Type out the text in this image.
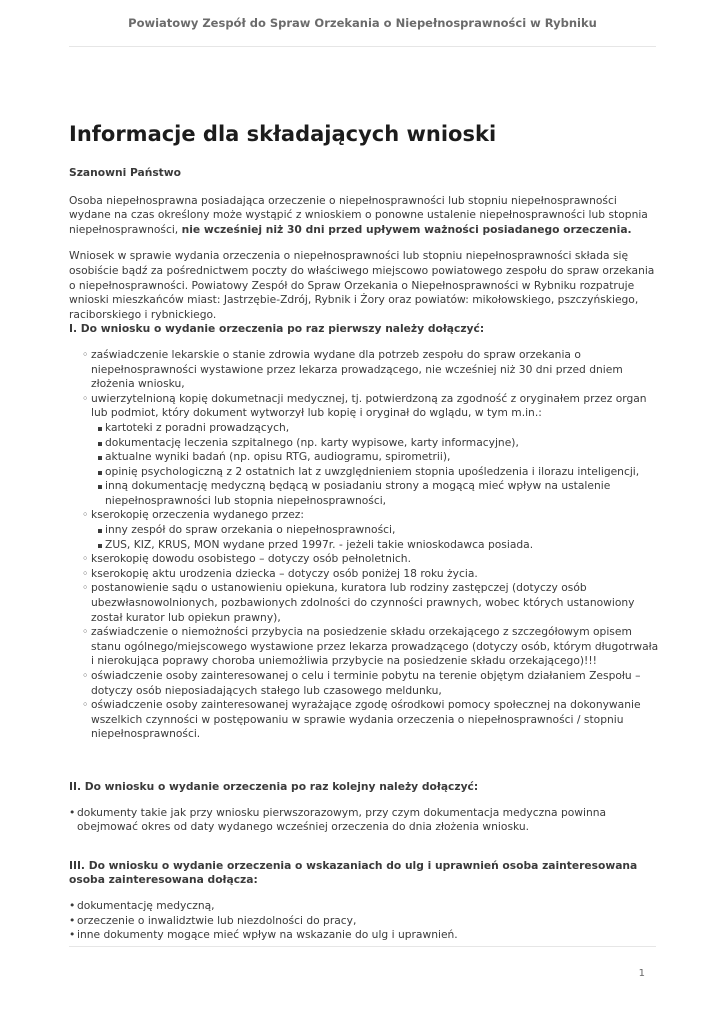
Powiatowy Zespół do Spraw Orzekania o Niepełnosprawności w Rybniku
Informacje dla składających wnioski

Szanowni Państwo

Osoba niepełnosprawna posiadająca orzeczenie o niepełnosprawności lub stopniu niepełnosprawności wydane na czas określony może wystąpić z wnioskiem o ponowne ustalenie niepełnosprawności lub stopnia niepełnosprawności, nie wcześniej niż 30 dni przed upływem ważności posiadanego orzeczenia.

Wniosek w sprawie wydania orzeczenia o niepełnosprawności lub stopniu niepełnosprawności składa się osobiście bądź za pośrednictwem poczty do właściwego miejscowo powiatowego zespołu do spraw orzekania o niepełnosprawności. Powiatowy Zespół do Spraw Orzekania o Niepełnosprawności w Rybniku rozpatruje wnioski mieszkańców miast: Jastrzębie-Zdrój, Rybnik i Żory oraz powiatów: mikołowskiego, pszczyńskiego, raciborskiego i rybnickiego.

I. Do wniosku o wydanie orzeczenia po raz pierwszy należy dołączyć:

◦ zaświadczenie lekarskie o stanie zdrowia wydane dla potrzeb zespołu do spraw orzekania o niepełnosprawności wystawione przez lekarza prowadzącego, nie wcześniej niż 30 dni przed dniem złożenia wniosku,
◦ uwierzytelnioną kopię dokumetnacji medycznej, tj. potwierdzoną za zgodność z oryginałem przez organ lub podmiot, który dokument wytworzył lub kopię i oryginał do wglądu, w tym m.in.:
kartoteki z poradni prowadzących,
dokumentację leczenia szpitalnego (np. karty wypisowe, karty informacyjne),
aktualne wyniki badań (np. opisu RTG, audiogramu, spirometrii),
opinię psychologiczną z 2 ostatnich lat z uwzględnieniem stopnia upośledzenia i ilorazu inteligencji,
inną dokumentację medyczną będącą w posiadaniu strony a mogącą mieć wpływ na ustalenie niepełnosprawności lub stopnia niepełnosprawności,
◦ kserokopię orzeczenia wydanego przez:
inny zespół do spraw orzekania o niepełnosprawności,
ZUS, KIZ, KRUS, MON wydane przed 1997r. - jeżeli takie wnioskodawca posiada.
◦ kserokopię dowodu osobistego – dotyczy osób pełnoletnich.
◦ kserokopię aktu urodzenia dziecka – dotyczy osób poniżej 18 roku życia.
◦ postanowienie sądu o ustanowieniu opiekuna, kuratora lub rodziny zastępczej (dotyczy osób ubezwłasnowolnionych, pozbawionych zdolności do czynności prawnych, wobec których ustanowiony został kurator lub opiekun prawny),
◦ zaświadczenie o niemożności przybycia na posiedzenie składu orzekającego z szczegółowym opisem stanu ogólnego/miejscowego wystawione przez lekarza prowadzącego (dotyczy osób, którym długotrwała i nierokująca poprawy choroba uniemożliwia przybycie na posiedzenie składu orzekającego)!!!
◦ oświadczenie osoby zainteresowanej o celu i terminie pobytu na terenie objętym działaniem Zespołu – dotyczy osób nieposiadających stałego lub czasowego meldunku,
◦ oświadczenie osoby zainteresowanej wyrażające zgodę ośrodkowi pomocy społecznej na dokonywanie wszelkich czynności w postępowaniu w sprawie wydania orzeczenia o niepełnosprawności / stopniu niepełnosprawności.

II. Do wniosku o wydanie orzeczenia po raz kolejny należy dołączyć:

• dokumenty takie jak przy wniosku pierwszorazowym, przy czym dokumentacja medyczna powinna obejmować okres od daty wydanego wcześniej orzeczenia do dnia złożenia wniosku.

III. Do wniosku o wydanie orzeczenia o wskazaniach do ulg i uprawnień osoba zainteresowana osoba zainteresowana dołącza:

• dokumentację medyczną,
• orzeczenie o inwalidztwie lub niezdolności do pracy,
• inne dokumenty mogące mieć wpływ na wskazanie do ulg i uprawnień.
1
